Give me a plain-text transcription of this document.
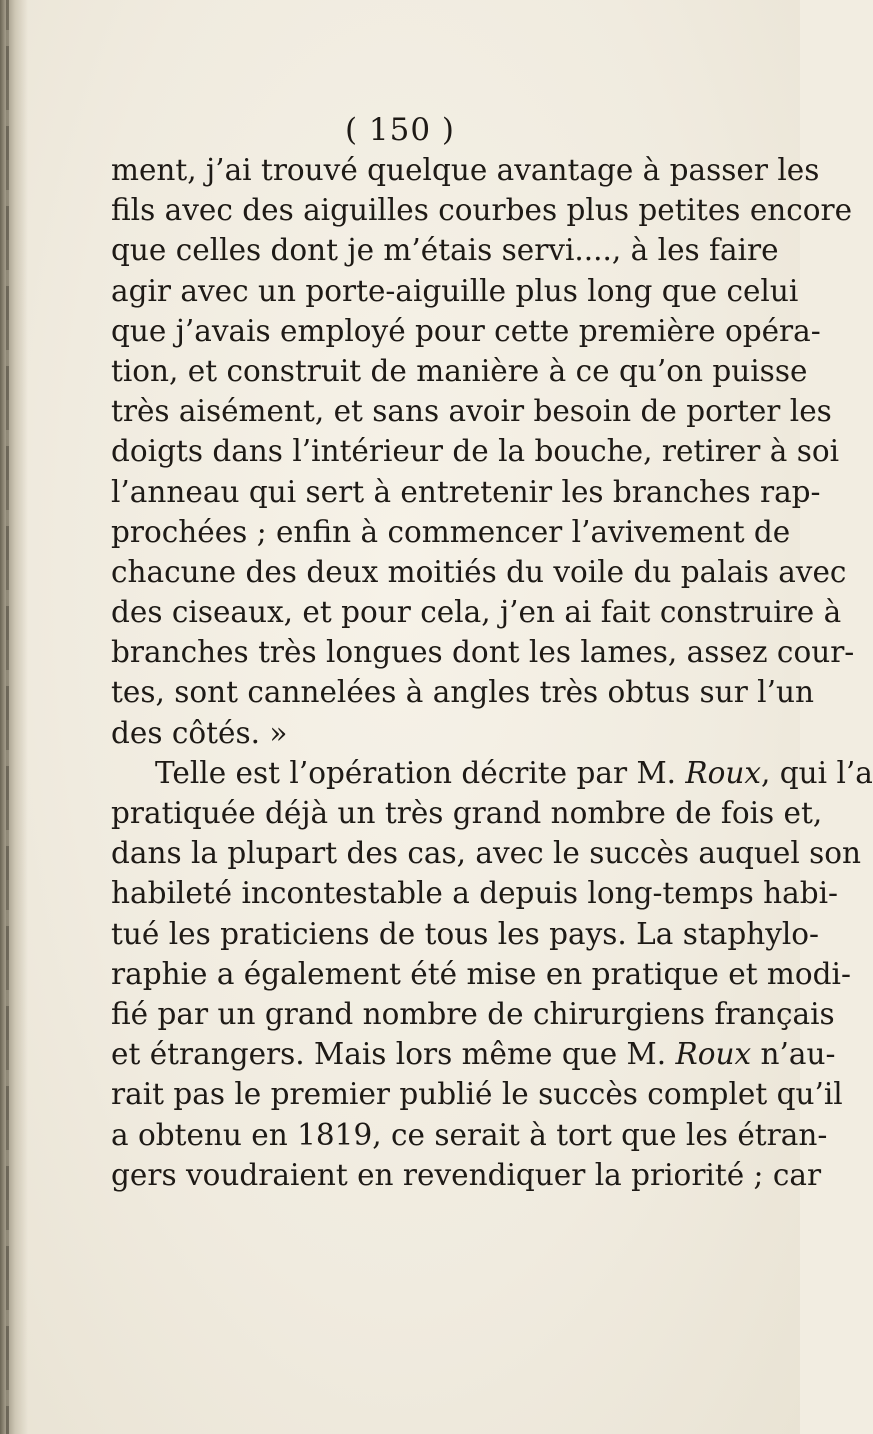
( 150 )
ment, j’ai trouvé quelque avantage à passer les
fils avec des aiguilles courbes plus petites encore
que celles dont je m’étais servi...., à les faire
agir avec un porte-aiguille plus long que celui
que j’avais employé pour cette première opéra-
tion, et construit de manière à ce qu’on puisse
très aisément, et sans avoir besoin de porter les
doigts dans l’intérieur de la bouche, retirer à soi
l’anneau qui sert à entretenir les branches rap-
prochées ; enfin à commencer l’avivement de
chacune des deux moitiés du voile du palais avec
des ciseaux, et pour cela, j’en ai fait construire à
branches très longues dont les lames, assez cour-
tes, sont cannelées à angles très obtus sur l’un
des côtés. »
Telle est l’opération décrite par M. Roux, qui l’a
pratiquée déjà un très grand nombre de fois et,
dans la plupart des cas, avec le succès auquel son
habileté incontestable a depuis long-temps habi-
tué les praticiens de tous les pays. La staphylo-
raphie a également été mise en pratique et modi-
fié par un grand nombre de chirurgiens français
et étrangers. Mais lors même que M. Roux n’au-
rait pas le premier publié le succès complet qu’il
a obtenu en 1819, ce serait à tort que les étran-
gers voudraient en revendiquer la priorité ; car
